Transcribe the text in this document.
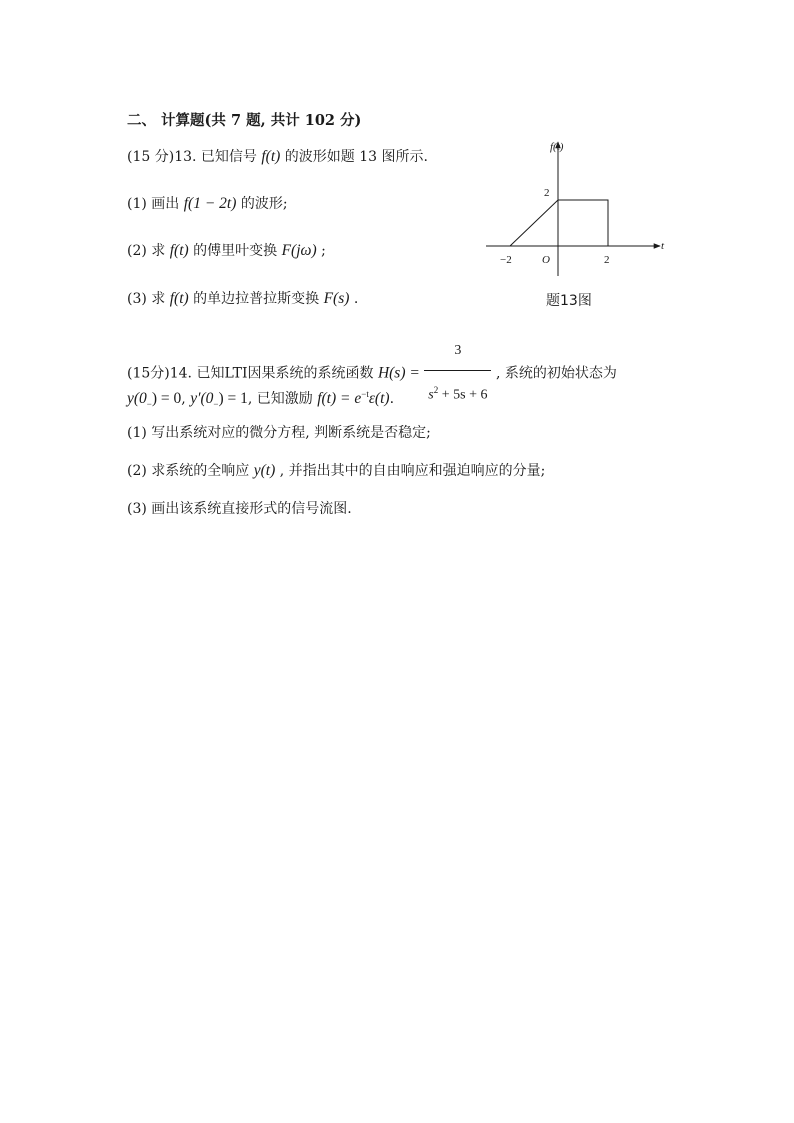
二、 计算题(共 7 题, 共计 102 分)
(15 分)13. 已知信号 f(t) 的波形如题 13 图所示.
(1) 画出 f(1 − 2t) 的波形;
(2) 求 f(t) 的傅里叶变换 F(jω) ;
(3) 求 f(t) 的单边拉普拉斯变换 F(s) .
f(t)
t
2
−2	O	2
题13图
(15分)14. 已知LTI因果系统的系统函数 $H(s) = \frac{3}{s^2 + 5s + 6}$ , 系统的初始状态为
$y(0_-) = 0$, $y'(0_-) = 1$, 已知激励 $f(t) = e^{-t}\varepsilon(t)$.
(1) 写出系统对应的微分方程, 判断系统是否稳定;
(2) 求系统的全响应 y(t) , 并指出其中的自由响应和强迫响应的分量;
(3) 画出该系统直接形式的信号流图.
